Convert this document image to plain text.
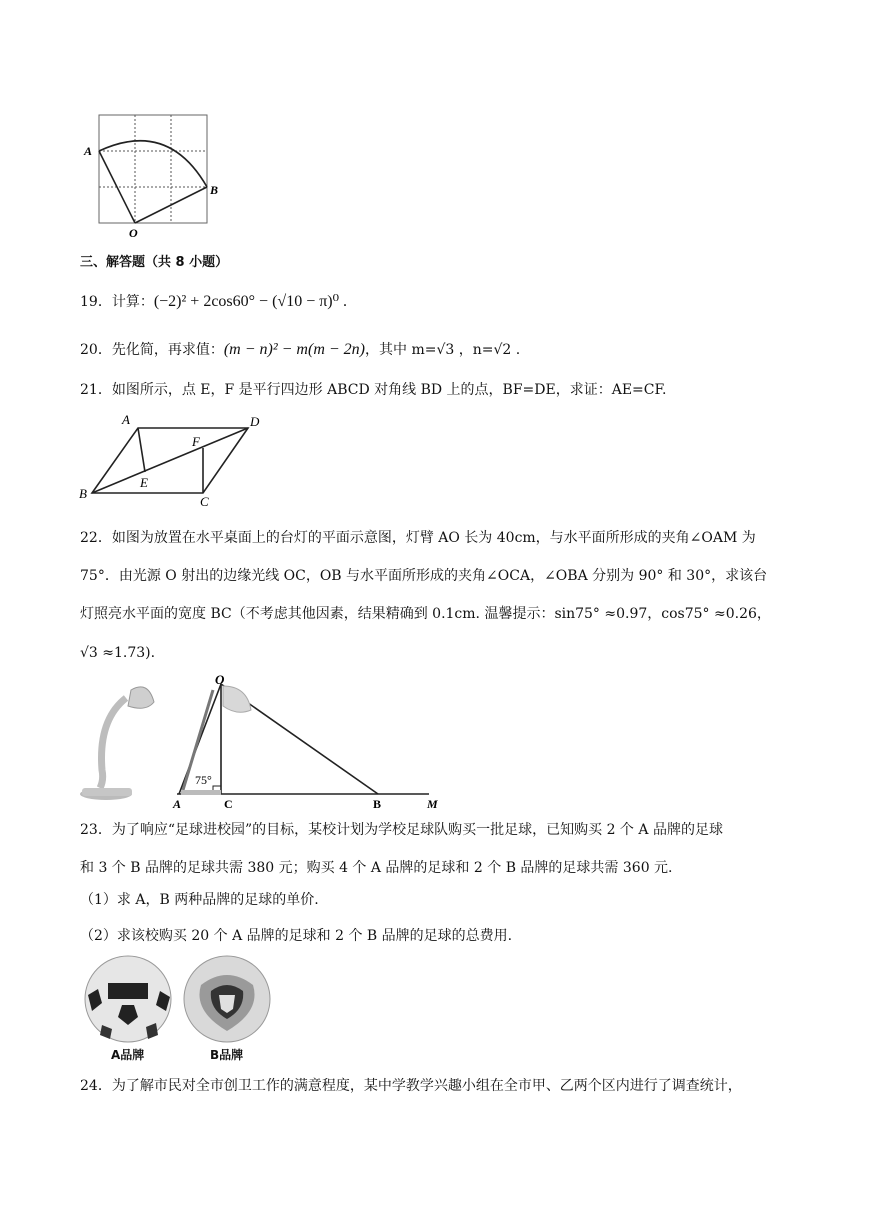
A
B
O
三、解答题（共 8 小题）
19．计算：(−2)² + 2cos60° − (√10 − π)⁰ .
20．先化简，再求值：(m − n)² − m(m − 2n)，其中 m=√3 ，n=√2 .
21．如图所示，点 E，F 是平行四边形 ABCD 对角线 BD 上的点，BF=DE，求证：AE=CF.
A	D
F
E
B
C
22．如图为放置在水平桌面上的台灯的平面示意图，灯臂 AO 长为 40cm，与水平面所形成的夹角∠OAM 为
75°．由光源 O 射出的边缘光线 OC，OB 与水平面所形成的夹角∠OCA，∠OBA 分别为 90° 和 30°，求该台
灯照亮水平面的宽度 BC（不考虑其他因素，结果精确到 0.1cm. 温馨提示：sin75° ≈0.97，cos75° ≈0.26，
√3 ≈1.73).
O
75°
A	C	B	M
23．为了响应“足球进校园”的目标，某校计划为学校足球队购买一批足球，已知购买 2 个 A 品牌的足球
和 3 个 B 品牌的足球共需 380 元；购买 4 个 A 品牌的足球和 2 个 B 品牌的足球共需 360 元.
（1）求 A，B 两种品牌的足球的单价.
（2）求该校购买 20 个 A 品牌的足球和 2 个 B 品牌的足球的总费用.
A品牌	B品牌
24．为了解市民对全市创卫工作的满意程度，某中学教学兴趣小组在全市甲、乙两个区内进行了调查统计，
